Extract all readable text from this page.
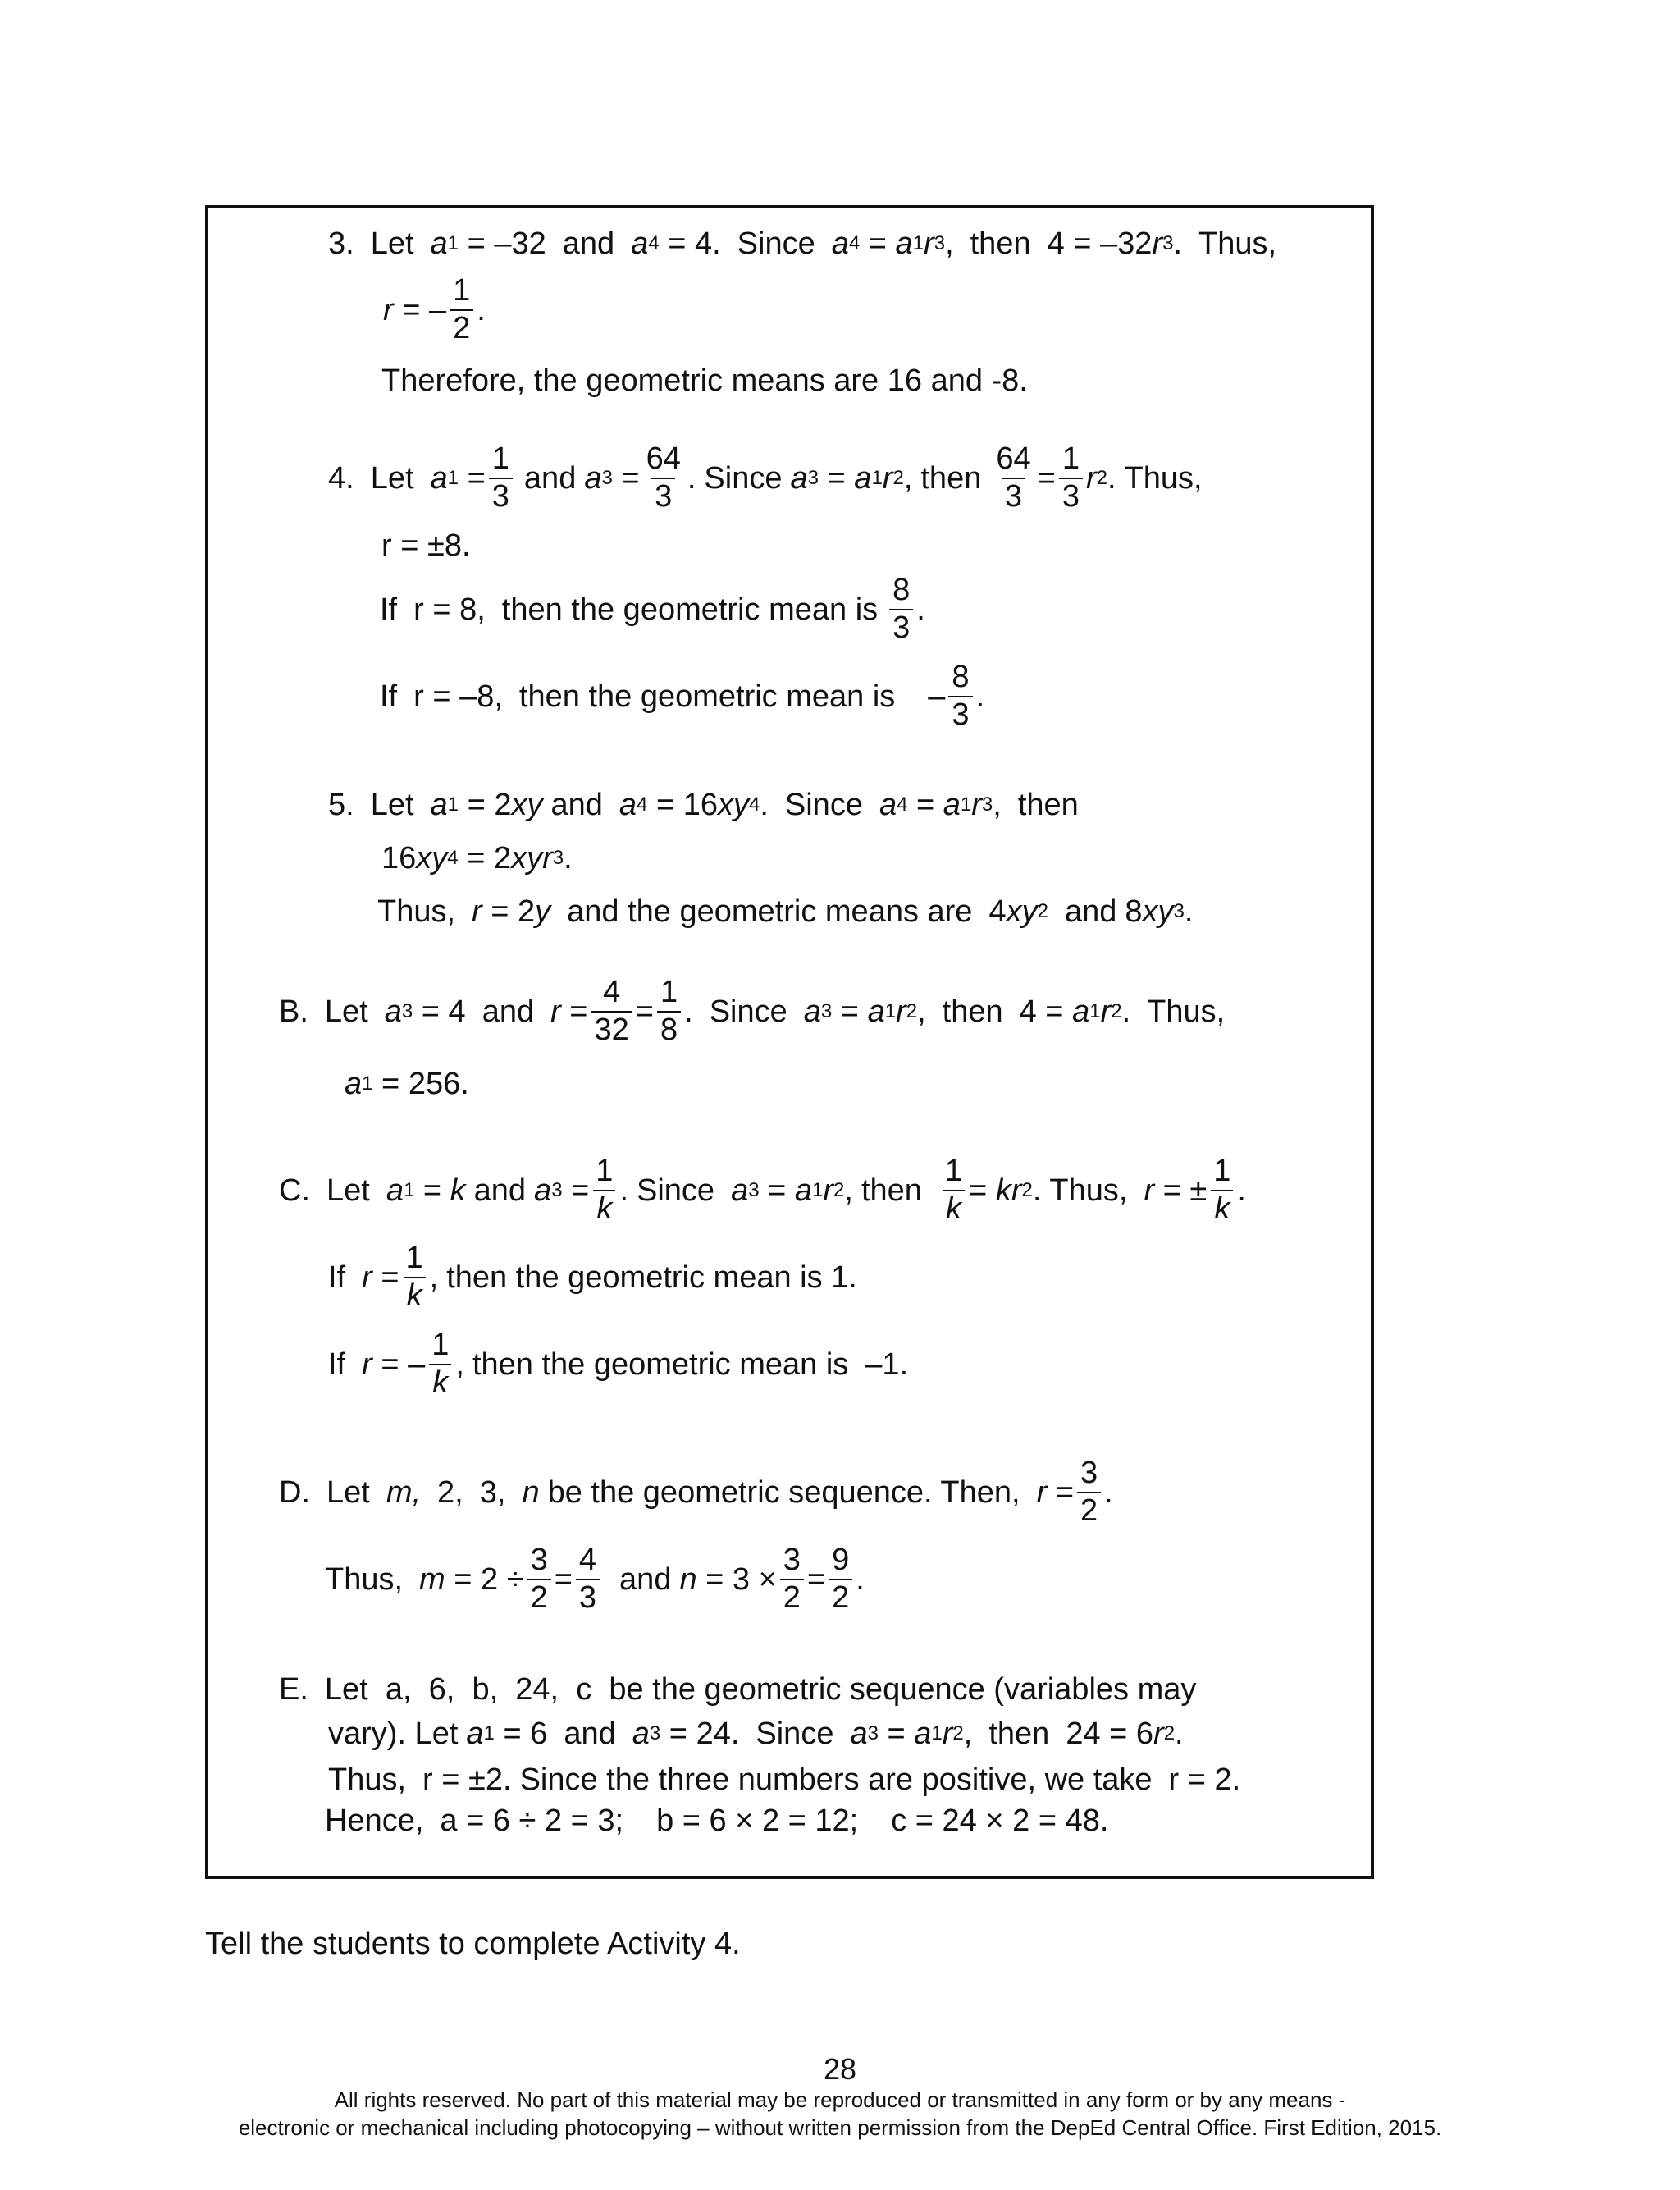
3. Let a 1 = –32 and a 4 = 4 . Since a 4 = a 1 r 3 , then 4 = –32 r 3 . Thus,
r = – $\frac{1}{2}$ .
Therefore, the geometric means are 16 and -8.
4. Let a $1 = \frac{1}{3}$ and a $3 = \frac{64}{3}$ . Since a 3 = a 1 r 2 , then $\frac{64}{3} = \frac{1}{3}$ r 2 . Thus,
r = ±8.
If r = 8, then the geometric mean is $\frac{8}{3}$ .
If r = –8, then the geometric mean is – $\frac{8}{3}$ .
5. Let a 1 = 2 xy and a 4 = 16 xy 4 . Since a 4 = a 1 r 3 , then
16 xy 4 = 2 xyr 3 .
Thus, r = 2 y and the geometric means are 4 xy 2 and 8 xy 3 .
B. Let a 3 = 4 and $r = \frac{4}{32} = \frac{1}{8}$ . Since a 3 = a 1 r 2 , then 4 =
a 1 r 2 . Thus,
a 1 = 256.
C. Let a 1 = k and a $3 = \frac{1}{k}$ . Since a 3 = a 1 r 2 , then $\frac{1}{k}$ = kr 2 . Thus, r = ± $\frac{1}{k}$ .
If $r = \frac{1}{k}$ , then the geometric mean is 1.
If r = – $\frac{1}{k}$ , then the geometric mean is –1.
D. Let m, 2, 3, n be the geometric sequence. Then, $r = \frac{3}{2}$ .
Thus, $m = 2 \div \frac{3}{2} = \frac{4}{3}$ and $n = 3 \times \frac{3}{2} = \frac{9}{2}$ .
E. Let  a,  6,  b,  24,  c  be the geometric sequence (variables may
vary). Let a 1 = 6 and a 3 = 24. Since a 3 = a 1 r 2 , then 24 = 6 r 2 .
Thus, r = ±2. Since the three numbers are positive, we take r = 2.
Hence, a = 6 ÷ 2 = 3; b = 6 × 2 = 12; c = 24 × 2 = 48.
Tell the students to complete Activity 4.
28
All rights reserved. No part of this material may be reproduced or transmitted in any form or by any means -
electronic or mechanical including photocopying – without written permission from the DepEd Central Office. First Edition, 2015.
